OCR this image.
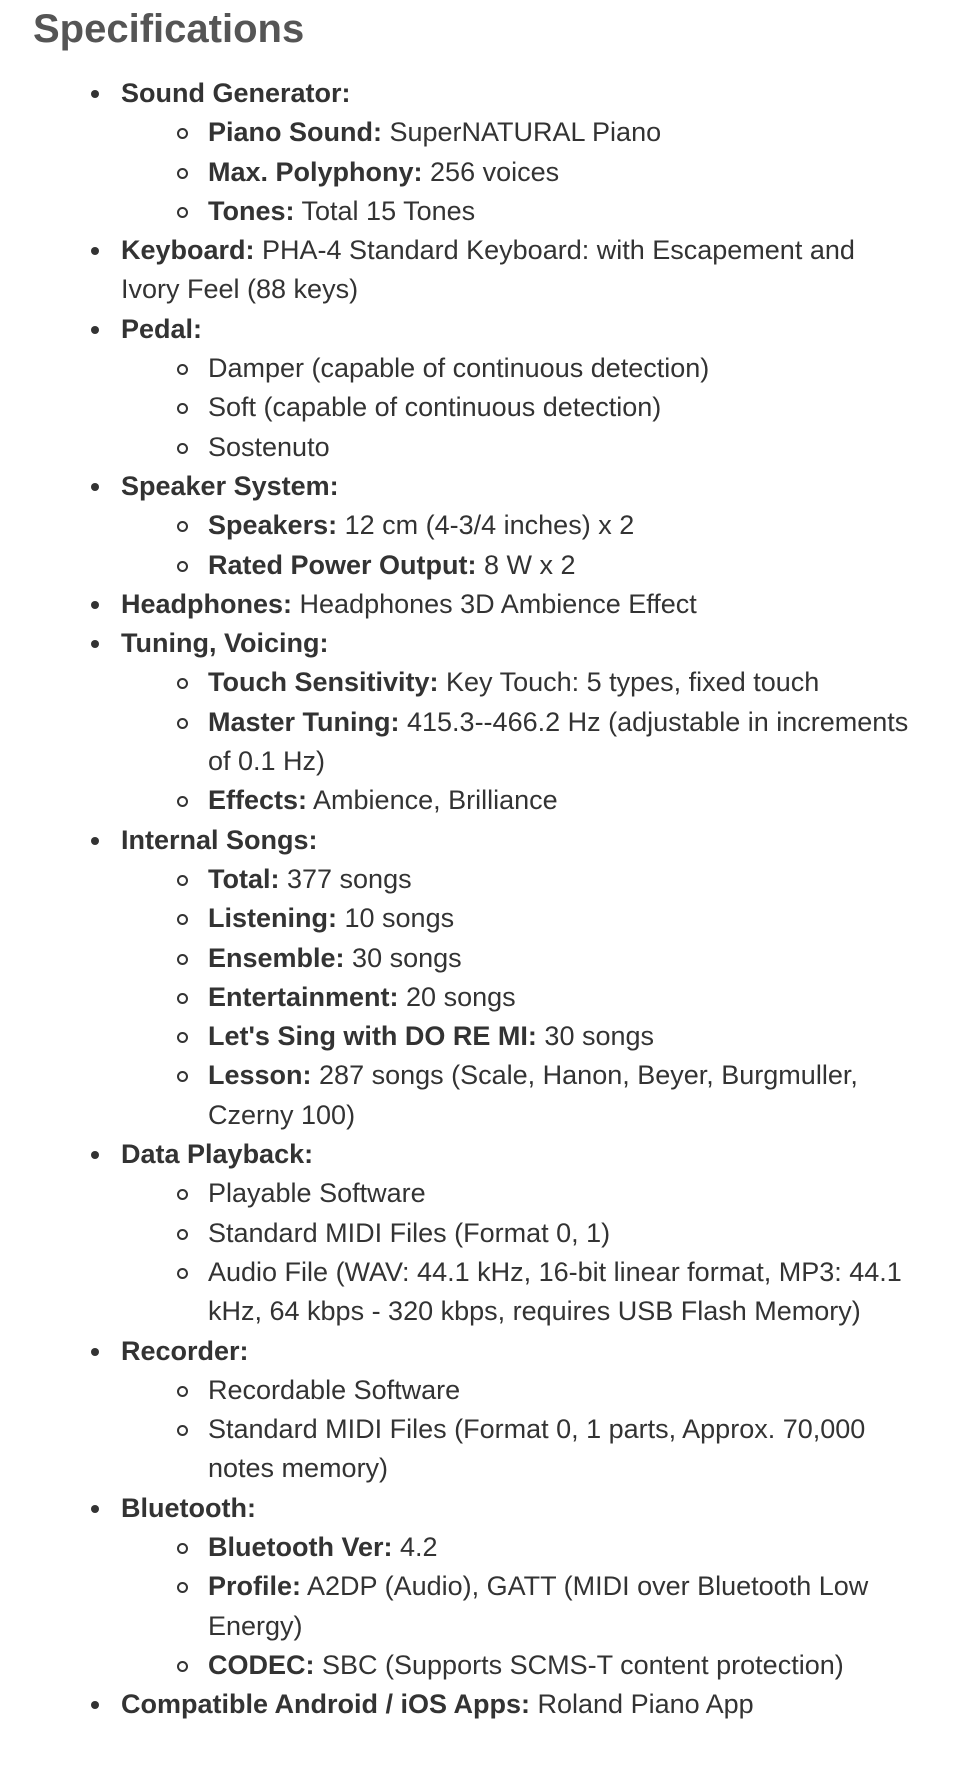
Specifications
Sound Generator:
Piano Sound: SuperNATURAL Piano
Max. Polyphony: 256 voices
Tones: Total 15 Tones
Keyboard: PHA-4 Standard Keyboard: with Escapement and Ivory Feel (88 keys)
Pedal:
Damper (capable of continuous detection)
Soft (capable of continuous detection)
Sostenuto
Speaker System:
Speakers: 12 cm (4-3/4 inches) x 2
Rated Power Output: 8 W x 2
Headphones: Headphones 3D Ambience Effect
Tuning, Voicing:
Touch Sensitivity: Key Touch: 5 types, fixed touch
Master Tuning: 415.3--466.2 Hz (adjustable in increments of 0.1 Hz)
Effects: Ambience, Brilliance
Internal Songs:
Total: 377 songs
Listening: 10 songs
Ensemble: 30 songs
Entertainment: 20 songs
Let's Sing with DO RE MI: 30 songs
Lesson: 287 songs (Scale, Hanon, Beyer, Burgmuller, Czerny 100)
Data Playback:
Playable Software
Standard MIDI Files (Format 0, 1)
Audio File (WAV: 44.1 kHz, 16-bit linear format, MP3: 44.1 kHz, 64 kbps - 320 kbps, requires USB Flash Memory)
Recorder:
Recordable Software
Standard MIDI Files (Format 0, 1 parts, Approx. 70,000 notes memory)
Bluetooth:
Bluetooth Ver: 4.2
Profile: A2DP (Audio), GATT (MIDI over Bluetooth Low Energy)
CODEC: SBC (Supports SCMS-T content protection)
Compatible Android / iOS Apps: Roland Piano App
